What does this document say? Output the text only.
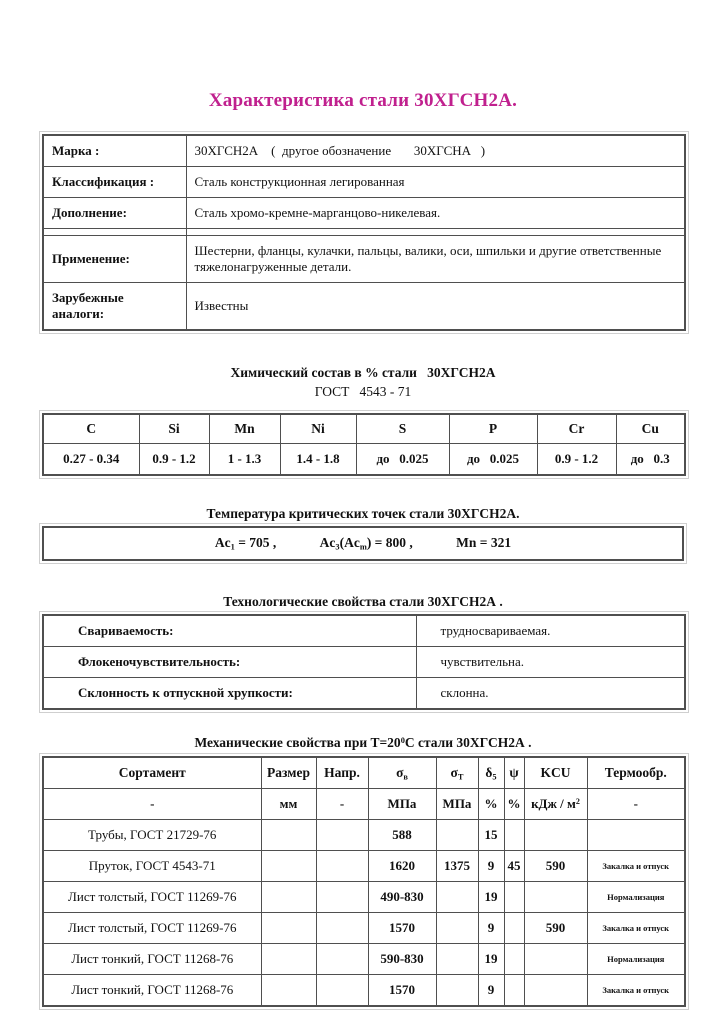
Характеристика стали 30ХГСН2А.
Марка :	30ХГСН2А    (  другое обозначение       30ХГСНА   )
Классификация :	Сталь конструкционная легированная
Дополнение:	Сталь хромо-кремне-марганцово-никелевая.

Применение:	Шестерни, фланцы, кулачки, пальцы, валики, оси, шпильки и другие ответственные тяжелонагруженные детали.
Зарубежные аналоги:	Известны
Химический состав в % стали   30ХГСН2А
ГОСТ   4543 - 71
C	Si	Mn	Ni	S	P	Cr	Cu
0.27 - 0.34	0.9 - 1.2	1 - 1.3	1.4 - 1.8	до   0.025	до   0.025	0.9 - 1.2	до   0.3
Температура критических точек стали 30ХГСН2А.
$Ac_1 = 705$ ,	$Ac_3(Ac_m) = 800$ ,	Mn = 321
Технологические свойства стали 30ХГСН2А .
Свариваемость:	трудносвариваемая.
Флокеночувствительность:	чувствительна.
Склонность к отпускной хрупкости:	склонна.
Механические свойства при $Т=20^0С$ стали 30ХГСН2А .
Сортамент	Размер	Напр.	$\sigma_в$	$\sigma_Т$	$\delta_5$	ψ	KCU	Термообр.
-	мм	-	МПа	МПа	%	%	кДж / $м^2$	-
Трубы, ГОСТ 21729-76			588		15			
Пруток, ГОСТ 4543-71			1620	1375	9	45	590	Закалка и отпуск
Лист толстый, ГОСТ 11269-76			490-830		19			Нормализация
Лист толстый, ГОСТ 11269-76			1570		9		590	Закалка и отпуск
Лист тонкий, ГОСТ 11268-76			590-830		19			Нормализация
Лист тонкий, ГОСТ 11268-76			1570		9			Закалка и отпуск
